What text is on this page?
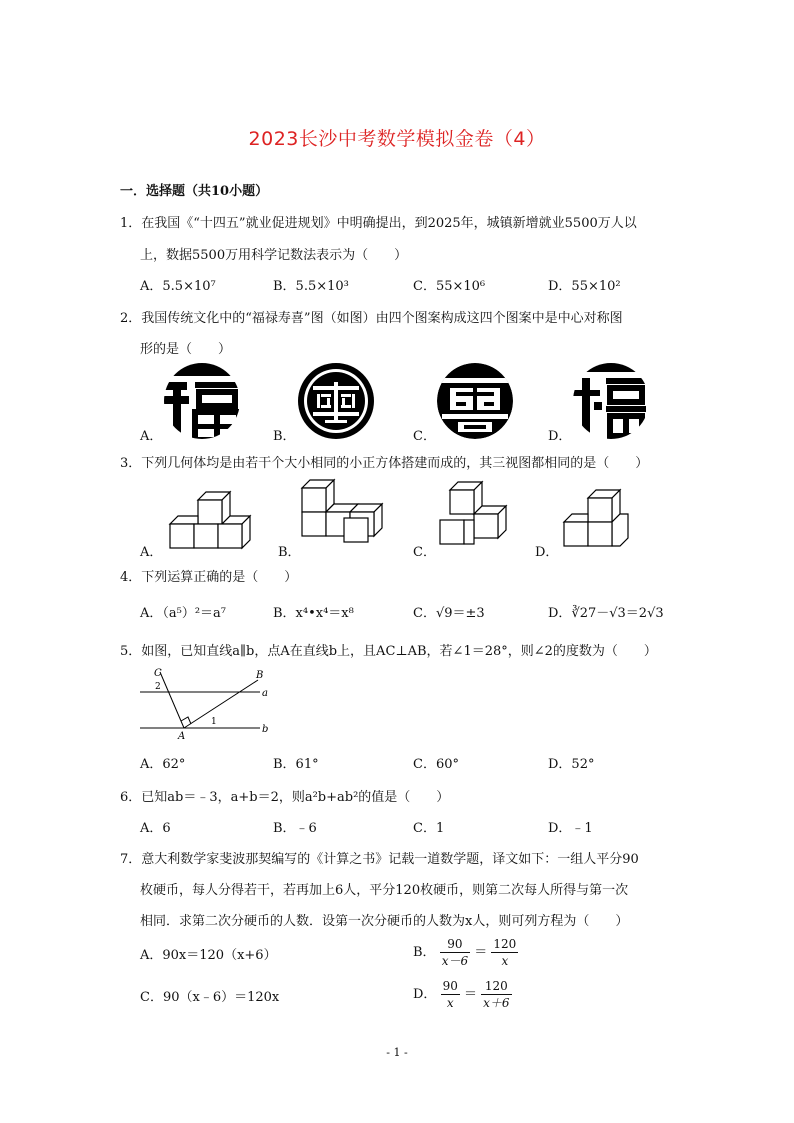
2023长沙中考数学模拟金卷（4）
一．选择题（共10小题）
1．在我国《“十四五”就业促进规划》中明确提出，到2025年，城镇新增就业5500万人以
上，数据5500万用科学记数法表示为（　　）
A．5.5×10⁷	B．5.5×10³	C．55×10⁶	D．55×10²
2．我国传统文化中的“福禄寿喜”图（如图）由四个图案构成这四个图案中是中心对称图
形的是（　　）
A．	B．	C．	D．
3．下列几何体均是由若干个大小相同的小正方体搭建而成的，其三视图都相同的是（　　）
A．	B．	C．	D．
4．下列运算正确的是（　　）
A．（a⁵）²＝a⁷	B．x⁴•x⁴＝x⁸	C．√9＝±3	D．∛27－√3＝2√3
5．如图，已知直线a∥b，点A在直线b上，且AC⊥AB，若∠1＝28°，则∠2的度数为（　　）
C	B
a
b
A
2
1
A．62°	B．61°	C．60°	D．52°
6．已知ab＝﹣3，a+b＝2，则a²b+ab²的值是（　　）
A．6	B．﹣6	C．1	D．﹣1
7．意大利数学家斐波那契编写的《计算之书》记载一道数学题，译文如下：一组人平分90
枚硬币，每人分得若干，若再加上6人，平分120枚硬币，则第二次每人所得与第一次
相同．求第二次分硬币的人数．设第一次分硬币的人数为x人，则可列方程为（　　）
A．90x＝120（x+6）	B． $\frac{90}{x-6} = \frac{120}{x}$
C．90（x﹣6）＝120x	D． $\frac{90}{x} = \frac{120}{x+6}$
- 1 -
